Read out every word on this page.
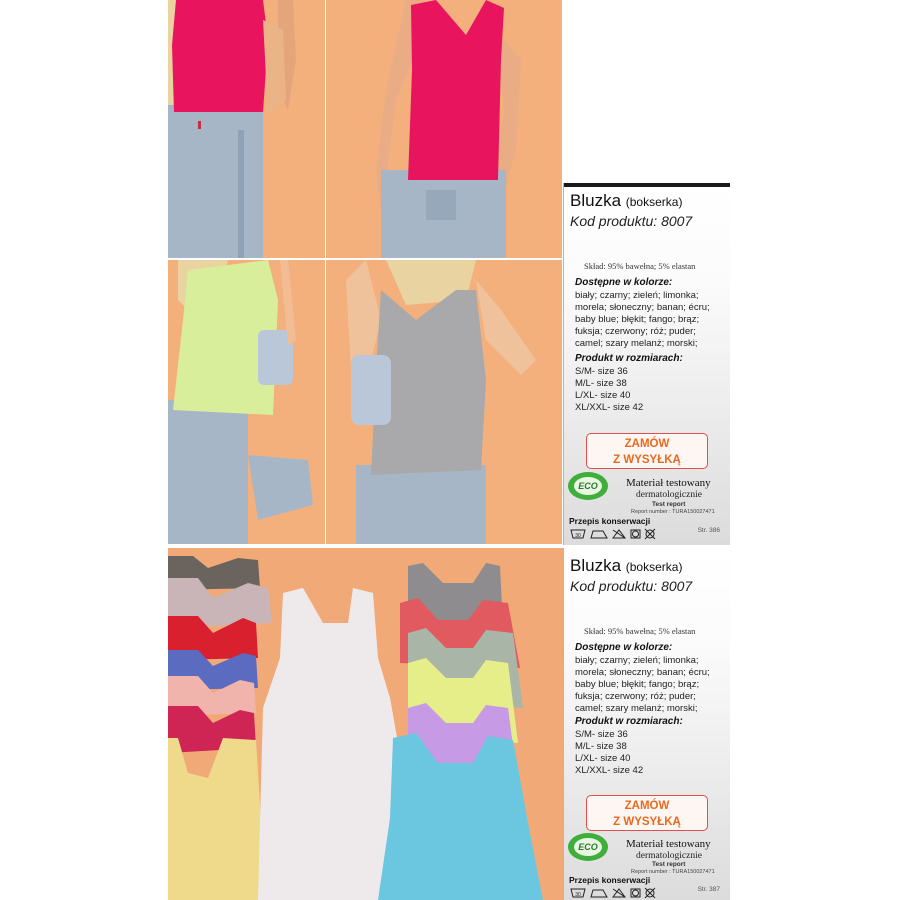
Bluzka (bokserka)
Kod produktu: 8007
Skład: 95% bawełna; 5% elastan
Dostępne w kolorze:
biały; czarny; zieleń; limonka;
morela; słoneczny; banan; écru;
baby blue; błękit; fango; brąz;
fuksja; czerwony; róż; puder;
camel; szary melanż; morski;
Produkt w rozmiarach:
S/M- size 36
M/L- size 38
L/XL- size 40
XL/XXL- size 42
ZAMÓW
Z WYSYŁKĄ
ECO	Materiał testowany
dermatologicznie
Test report
Report number : TURA150027471
Przepis konserwacji
30
Str. 386
Bluzka (bokserka)
Kod produktu: 8007
Skład: 95% bawełna; 5% elastan
Dostępne w kolorze:
biały; czarny; zieleń; limonka;
morela; słoneczny; banan; écru;
baby blue; błękit; fango; brąz;
fuksja; czerwony; róż; puder;
camel; szary melanż; morski;
Produkt w rozmiarach:
S/M- size 36
M/L- size 38
L/XL- size 40
XL/XXL- size 42
ZAMÓW
Z WYSYŁKĄ
ECO	Materiał testowany
dermatologicznie
Test report
Report number : TURA150027471
Przepis konserwacji
30
Str. 387
